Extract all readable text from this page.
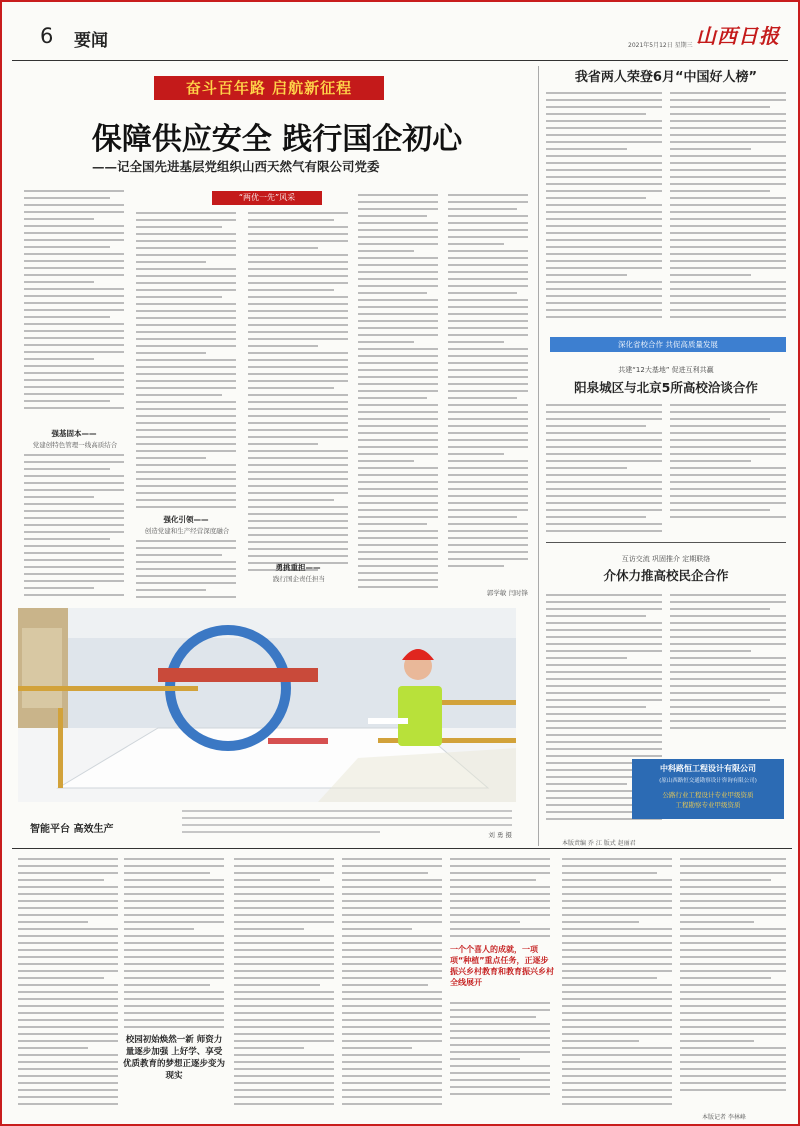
6 要闻	2021年5月12日 星期三 山西日报
奋斗百年路 启航新征程
保障供应安全 践行国企初心
——记全国先进基层党组织山西天然气有限公司党委
“两优一先”风采
强基固本——
党建创特色管理一线高质结合
强化引领——
创造党建和生产经营深度融合
勇挑重担——
践行国企责任担当
郭学敏 闫时锋
智能平台 高效生产	刘 勇 摄
我省两人荣登6月“中国好人榜”
深化省校合作 共促高质量发展
共建“12大基地” 促进互利共赢
阳泉城区与北京5所高校洽谈合作
互访交流 巩固推介 定期联络
介休力推高校民企合作
中科路恒工程设计有限公司
(原山西路恒交通勘察设计咨询有限公司)
公路行业工程设计专业甲级资质
工程勘察专业甲级资质
本版责编 乔 江 版式 赵丽君
校园初始焕然一新 师资力量逐步加强 上好学、享受优质教育的梦想正逐步变为现实
一个个喜人的成就，一项项“种植”重点任务，正逐步振兴乡村教育和教育振兴乡村全线展开
本版记者 李林峰
